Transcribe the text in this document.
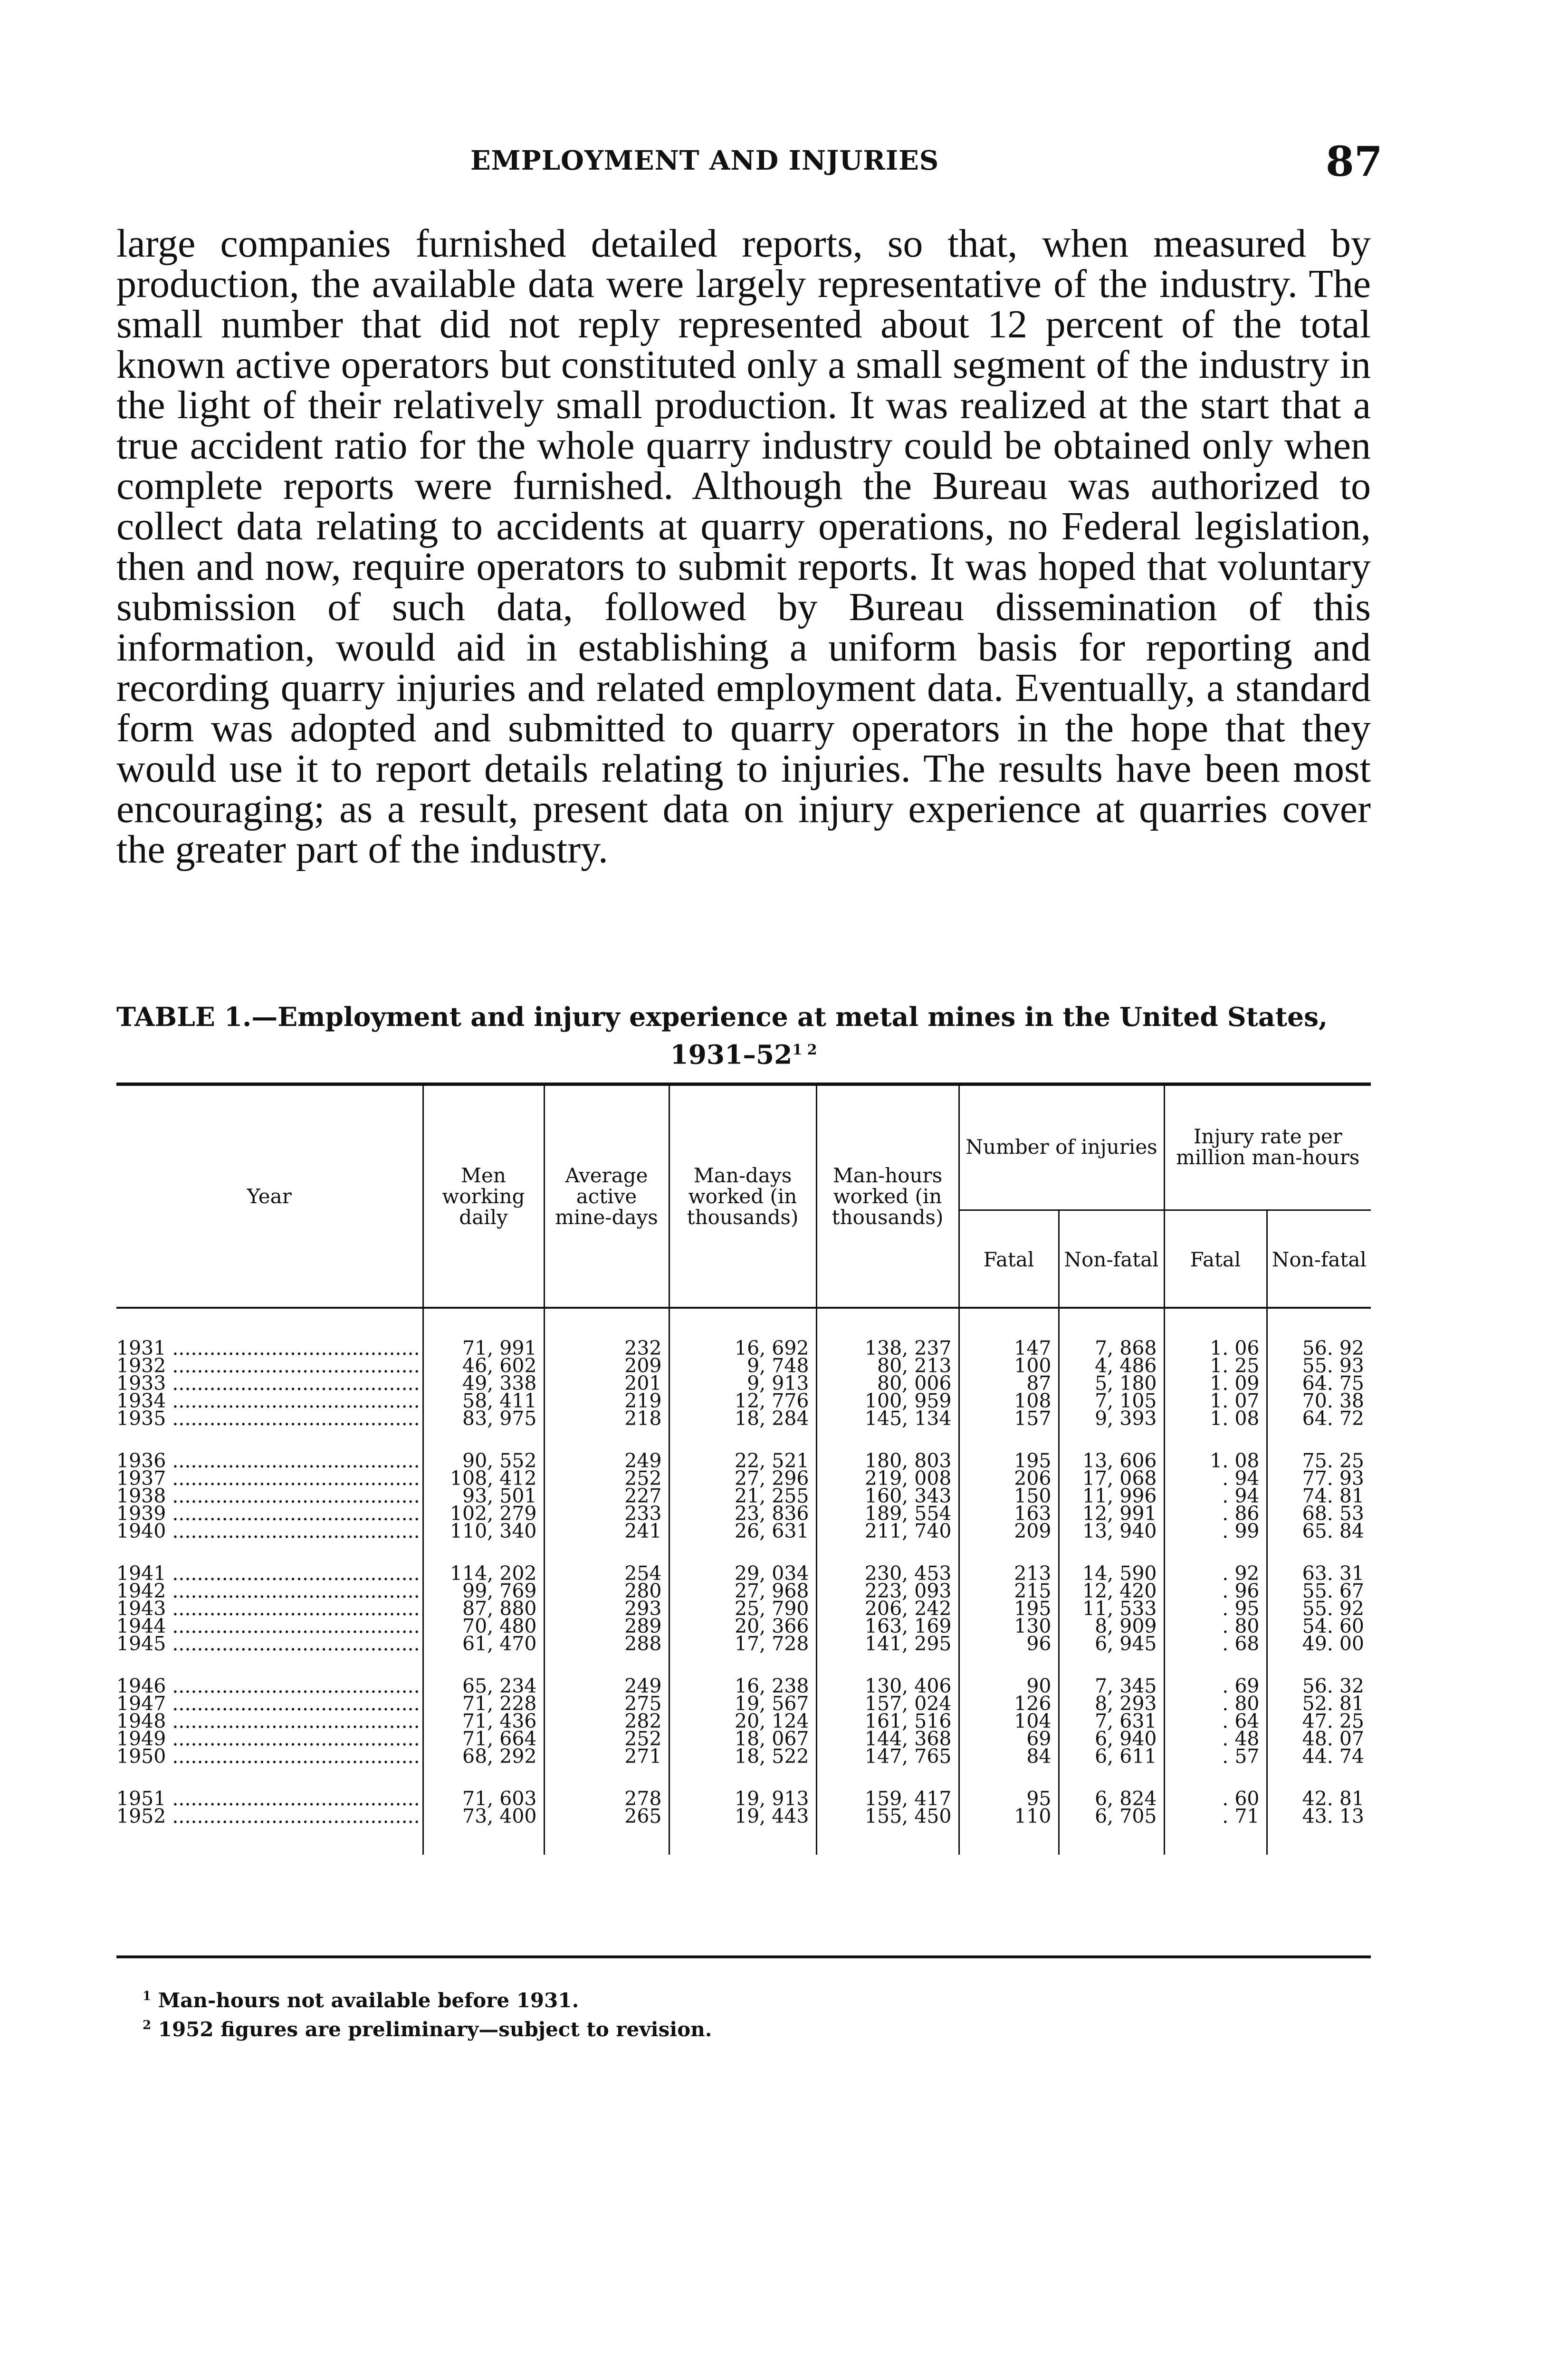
EMPLOYMENT AND INJURIES	87

large companies furnished detailed reports, so that, when measured by production, the available data were largely representative of the industry. The small number that did not reply represented about 12 percent of the total known active operators but constituted only a small segment of the industry in the light of their relatively small production. It was realized at the start that a true accident ratio for the whole quarry industry could be obtained only when complete reports were furnished. Although the Bureau was authorized to collect data relating to accidents at quarry operations, no Federal legislation, then and now, require operators to submit reports. It was hoped that voluntary submission of such data, followed by Bureau dissemination of this information, would aid in establishing a uniform basis for reporting and recording quarry injuries and related employment data. Eventually, a standard form was adopted and submitted to quarry operators in the hope that they would use it to report details relating to injuries. The results have been most encouraging; as a result, present data on injury experience at quarries cover the greater part of the industry.

TABLE 1.—Employment and injury experience at metal mines in the United States,
$1931-52^{1 2}$
Year	Men working daily	Average active mine-days	Man-days worked (in thousands)	Man-hours worked (in thousands)	Number of injuries		Injury rate per million man-hours	
					Fatal	Non-fatal	Fatal	Non-fatal

1931 ........................................	71, 991	232	16, 692	138, 237	147	7, 868	1. 06	56. 92
1932 ........................................	46, 602	209	9, 748	80, 213	100	4, 486	1. 25	55. 93
1933 ........................................	49, 338	201	9, 913	80, 006	87	5, 180	1. 09	64. 75
1934 ........................................	58, 411	219	12, 776	100, 959	108	7, 105	1. 07	70. 38
1935 ........................................	83, 975	218	18, 284	145, 134	157	9, 393	1. 08	64. 72

1936 ........................................	90, 552	249	22, 521	180, 803	195	13, 606	1. 08	75. 25
1937 ........................................	108, 412	252	27, 296	219, 008	206	17, 068	. 94	77. 93
1938 ........................................	93, 501	227	21, 255	160, 343	150	11, 996	. 94	74. 81
1939 ........................................	102, 279	233	23, 836	189, 554	163	12, 991	. 86	68. 53
1940 ........................................	110, 340	241	26, 631	211, 740	209	13, 940	. 99	65. 84

1941 ........................................	114, 202	254	29, 034	230, 453	213	14, 590	. 92	63. 31
1942 ........................................	99, 769	280	27, 968	223, 093	215	12, 420	. 96	55. 67
1943 ........................................	87, 880	293	25, 790	206, 242	195	11, 533	. 95	55. 92
1944 ........................................	70, 480	289	20, 366	163, 169	130	8, 909	. 80	54. 60
1945 ........................................	61, 470	288	17, 728	141, 295	96	6, 945	. 68	49. 00

1946 ........................................	65, 234	249	16, 238	130, 406	90	7, 345	. 69	56. 32
1947 ........................................	71, 228	275	19, 567	157, 024	126	8, 293	. 80	52. 81
1948 ........................................	71, 436	282	20, 124	161, 516	104	7, 631	. 64	47. 25
1949 ........................................	71, 664	252	18, 067	144, 368	69	6, 940	. 48	48. 07
1950 ........................................	68, 292	271	18, 522	147, 765	84	6, 611	. 57	44. 74

1951 ........................................	71, 603	278	19, 913	159, 417	95	6, 824	. 60	42. 81
1952 ........................................	73, 400	265	19, 443	155, 450	110	6, 705	. 71	43. 13

$^1$ Man-hours not available before 1931.
$^2$ 1952 figures are preliminary—subject to revision.
